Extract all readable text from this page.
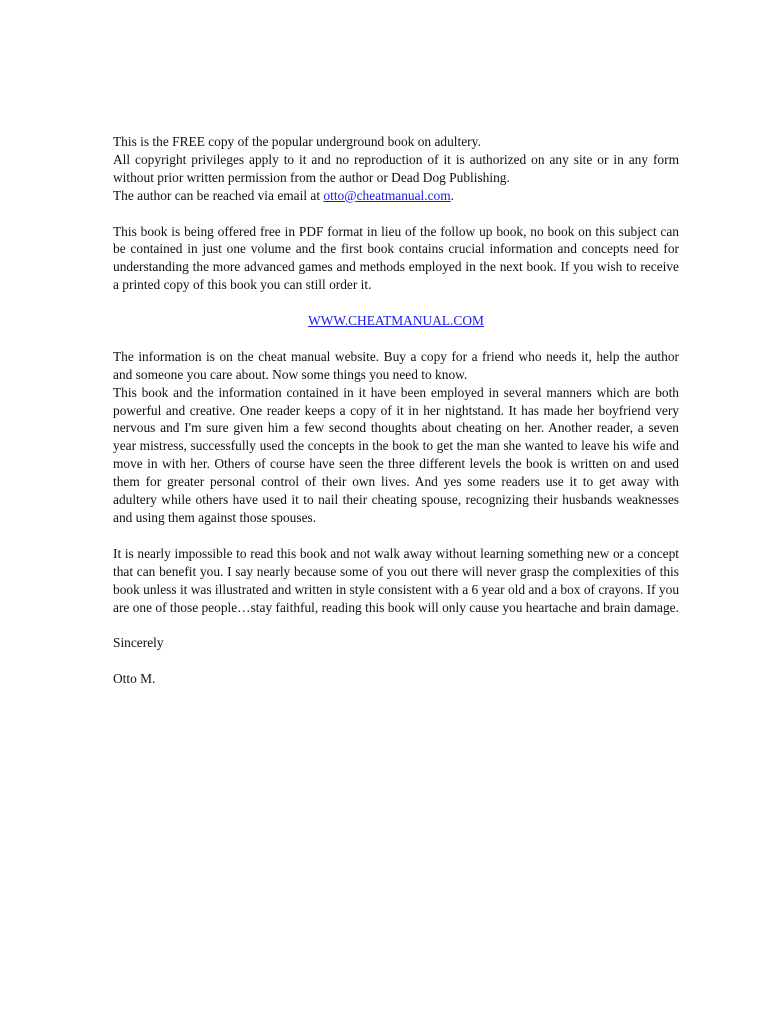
This is the FREE copy of the popular underground book on adultery.

All copyright privileges apply to it and no reproduction of it is authorized on any site or in any form without prior written permission from the author or Dead Dog Publishing.

The author can be reached via email at otto@cheatmanual.com.

This book is being offered free in PDF format in lieu of the follow up book, no book on this subject can be contained in just one volume and the first book contains crucial information and concepts need for understanding the more advanced games and methods employed in the next book. If you wish to receive a printed copy of this book you can still order it.

WWW.CHEATMANUAL.COM

The information is on the cheat manual website. Buy a copy for a friend who needs it, help the author and someone you care about. Now some things you need to know.

This book and the information contained in it have been employed in several manners which are both powerful and creative. One reader keeps a copy of it in her nightstand. It has made her boyfriend very nervous and I'm sure given him a few second thoughts about cheating on her. Another reader, a seven year mistress, successfully used the concepts in the book to get the man she wanted to leave his wife and move in with her. Others of course have seen the three different levels the book is written on and used them for greater personal control of their own lives. And yes some readers use it to get away with adultery while others have used it to nail their cheating spouse, recognizing their husbands weaknesses and using them against those spouses.

It is nearly impossible to read this book and not walk away without learning something new or a concept that can benefit you. I say nearly because some of you out there will never grasp the complexities of this book unless it was illustrated and written in style consistent with a 6 year old and a box of crayons. If you are one of those people…stay faithful, reading this book will only cause you heartache and brain damage.

Sincerely
Otto M.
